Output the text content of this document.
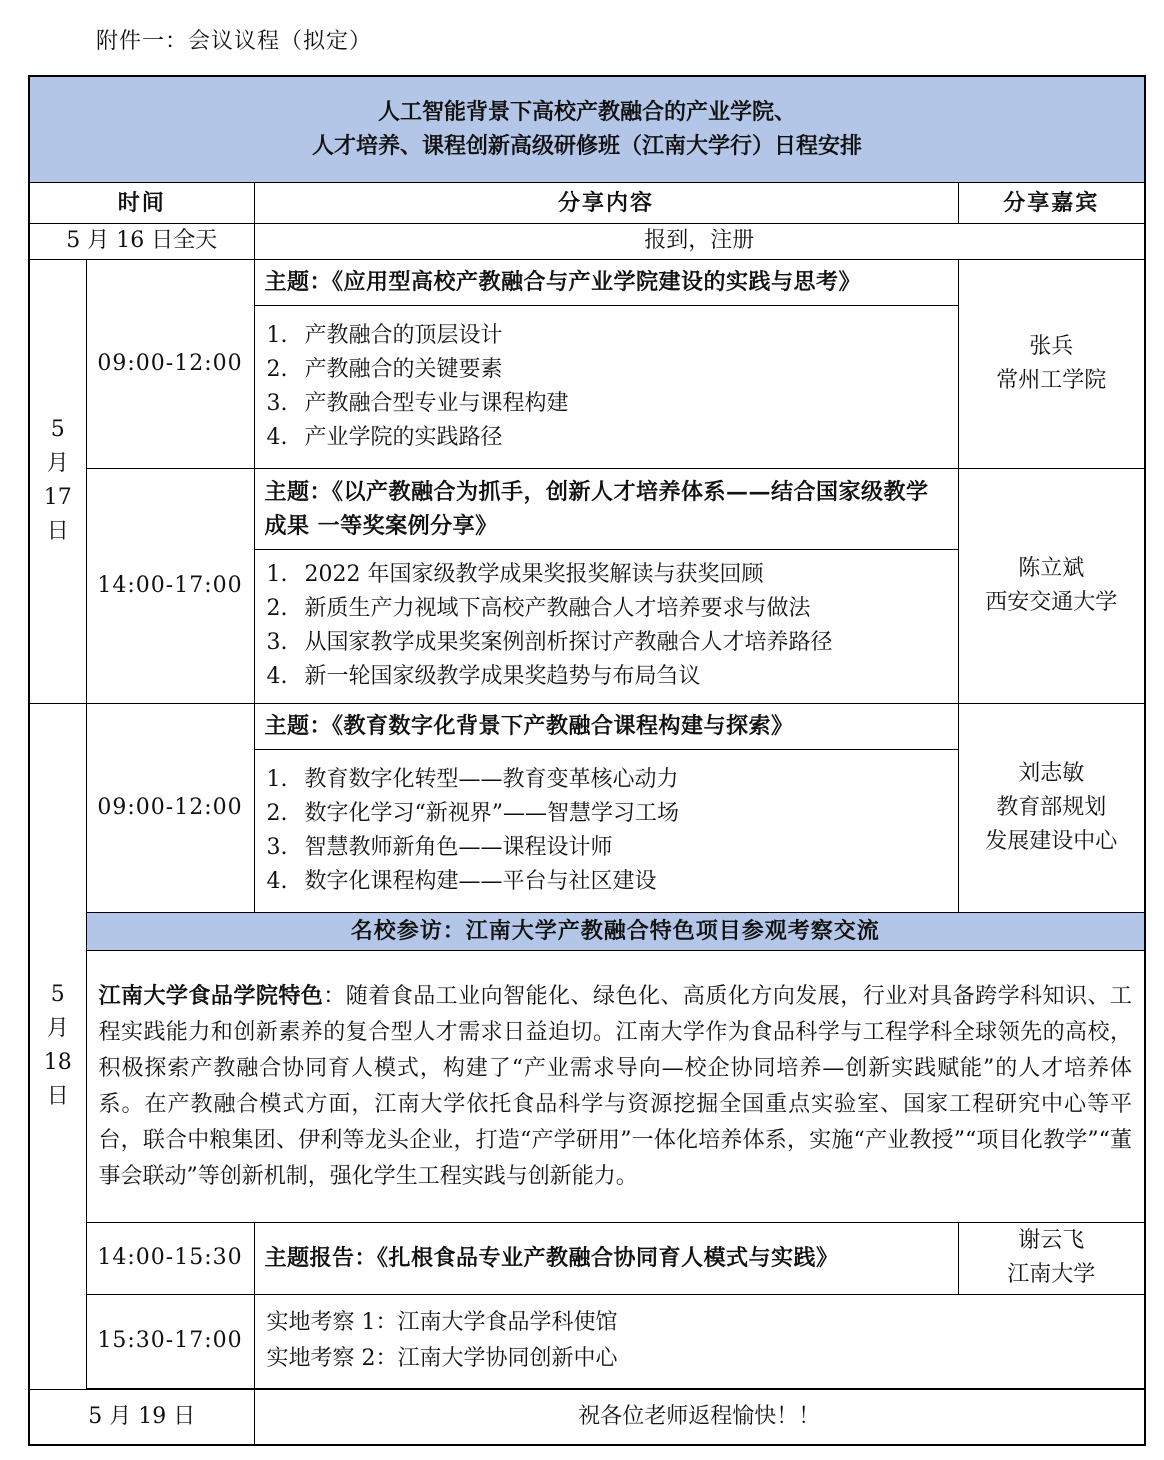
附件一：会议议程（拟定）
人工智能背景下高校产教融合的产业学院、
人才培养、课程创新高级研修班（江南大学行）日程安排			

时间		分享内容	分享嘉宾
5 月 16 日全天		报到，注册	

5
月
17
日	09:00-12:00	主题：《应用型高校产教融合与产业学院建设的实践与思考》	张兵
常州工学院

		1. 产教融合的顶层设计
2. 产教融合的关键要素
3. 产教融合型专业与课程构建
4. 产业学院的实践路径	

	14:00-17:00	主题：《以产教融合为抓手，创新人才培养体系——结合国家级教学成果 一等奖案例分享》	陈立斌
西安交通大学

		1. 2022 年国家级教学成果奖报奖解读与获奖回顾
2. 新质生产力视域下高校产教融合人才培养要求与做法
3. 从国家教学成果奖案例剖析探讨产教融合人才培养路径
4. 新一轮国家级教学成果奖趋势与布局刍议	

5
月
18
日	09:00-12:00	主题：《教育数字化背景下产教融合课程构建与探索》	刘志敏
教育部规划
发展建设中心

		1. 教育数字化转型——教育变革核心动力
2. 数字化学习“新视界”——智慧学习工场
3. 智慧教师新角色——课程设计师
4. 数字化课程构建——平台与社区建设	

	名校参访：江南大学产教融合特色项目参观考察交流		
	江南大学食品学院特色：随着食品工业向智能化、绿色化、高质化方向发展，行业对具备跨学科知识、工程实践能力和创新素养的复合型人才需求日益迫切。江南大学作为食品科学与工程学科全球领先的高校，积极探索产教融合协同育人模式，构建了“产业需求导向—校企协同培养—创新实践赋能”的人才培养体系。在产教融合模式方面，江南大学依托食品科学与资源挖掘全国重点实验室、国家工程研究中心等平台，联合中粮集团、伊利等龙头企业，打造“产学研用”一体化培养体系，实施“产业教授”“项目化教学”“董事会联动”等创新机制，强化学生工程实践与创新能力。		
	14:00-15:30	主题报告：《扎根食品专业产教融合协同育人模式与实践》	谢云飞
江南大学

	15:30-17:00	实地考察 1：江南大学食品学科使馆
实地考察 2：江南大学协同创新中心	

5 月 19 日		祝各位老师返程愉快！！	
